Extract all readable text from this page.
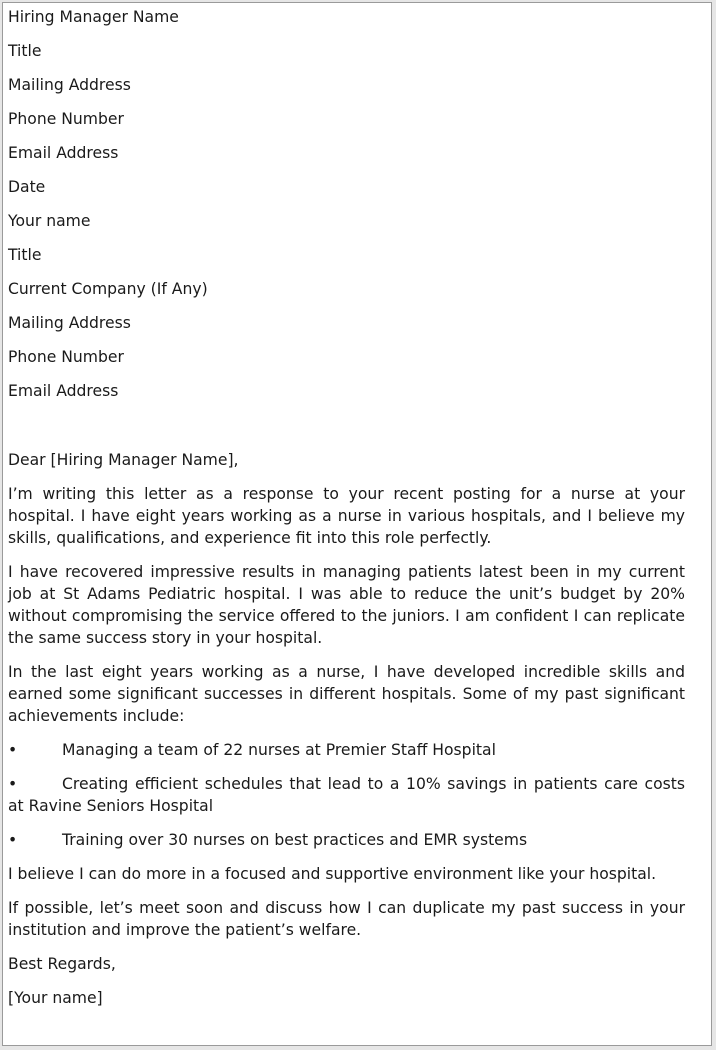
Hiring Manager Name
Title
Mailing Address
Phone Number
Email Address
Date
Your name
Title
Current Company (If Any)
Mailing Address
Phone Number
Email Address
Dear [Hiring Manager Name],

I’m writing this letter as a response to your recent posting for a nurse at your hospital. I have eight years working as a nurse in various hospitals, and I believe my skills, qualifications, and experience fit into this role perfectly.

I have recovered impressive results in managing patients latest been in my current job at St Adams Pediatric hospital. I was able to reduce the unit’s budget by 20% without compromising the service offered to the juniors. I am confident I can replicate the same success story in your hospital.

In the last eight years working as a nurse, I have developed incredible skills and earned some significant successes in different hospitals. Some of my past significant achievements include:

•	Managing a team of 22 nurses at Premier Staff Hospital
•	Creating efficient schedules that lead to a 10% savings in patients care costs at Ravine Seniors Hospital
•	Training over 30 nurses on best practices and EMR systems

I believe I can do more in a focused and supportive environment like your hospital.

If possible, let’s meet soon and discuss how I can duplicate my past success in your institution and improve the patient’s welfare.

Best Regards,
[Your name]
